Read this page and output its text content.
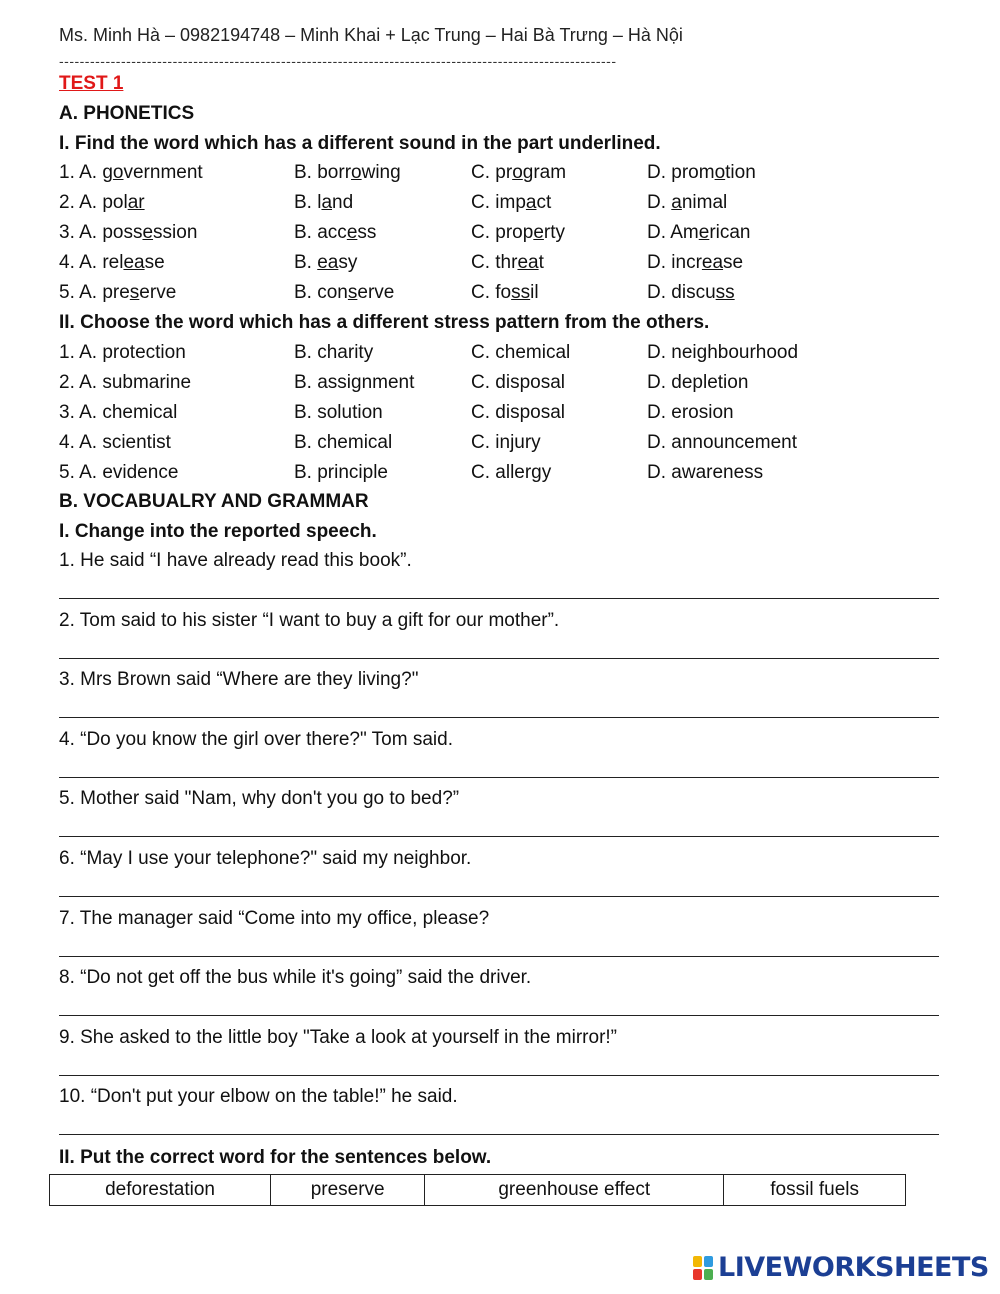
Ms. Minh Hà – 0982194748 – Minh Khai + Lạc Trung – Hai Bà Trưng – Hà Nội
------------------------------------------------------------------------------------------------------------
TEST 1
A. PHONETICS
I. Find the word which has a different sound in the part underlined.
1. A. government	B. borrowing	C. program	D. promotion
2. A. polar	B. land	C. impact	D. animal
3. A. possession	B. access	C. property	D. American
4. A. release	B. easy	C. threat	D. increase
5. A. preserve	B. conserve	C. fossil	D. discuss
II. Choose the word which has a different stress pattern from the others.
1. A. protection	B. charity	C. chemical	D. neighbourhood
2. A. submarine	B. assignment	C. disposal	D. depletion
3. A. chemical	B. solution	C. disposal	D. erosion
4. A. scientist	B. chemical	C. injury	D. announcement
5. A. evidence	B. principle	C. allergy	D. awareness
B. VOCABUALRY AND GRAMMAR
I. Change into the reported speech.
1. He said “I have already read this book”.
2. Tom said to his sister “I want to buy a gift for our mother”.
3. Mrs Brown said “Where are they living?"
4. “Do you know the girl over there?" Tom said.
5. Mother said "Nam, why don't you go to bed?”
6. “May I use your telephone?" said my neighbor.
7. The manager said “Come into my office, please?
8. “Do not get off the bus while it's going” said the driver.
9. She asked to the little boy "Take a look at yourself in the mirror!”
10. “Don't put your elbow on the table!” he said.
II. Put the correct word for the sentences below.
deforestation	preserve	greenhouse effect	fossil fuels
LIVEWORKSHEETS
